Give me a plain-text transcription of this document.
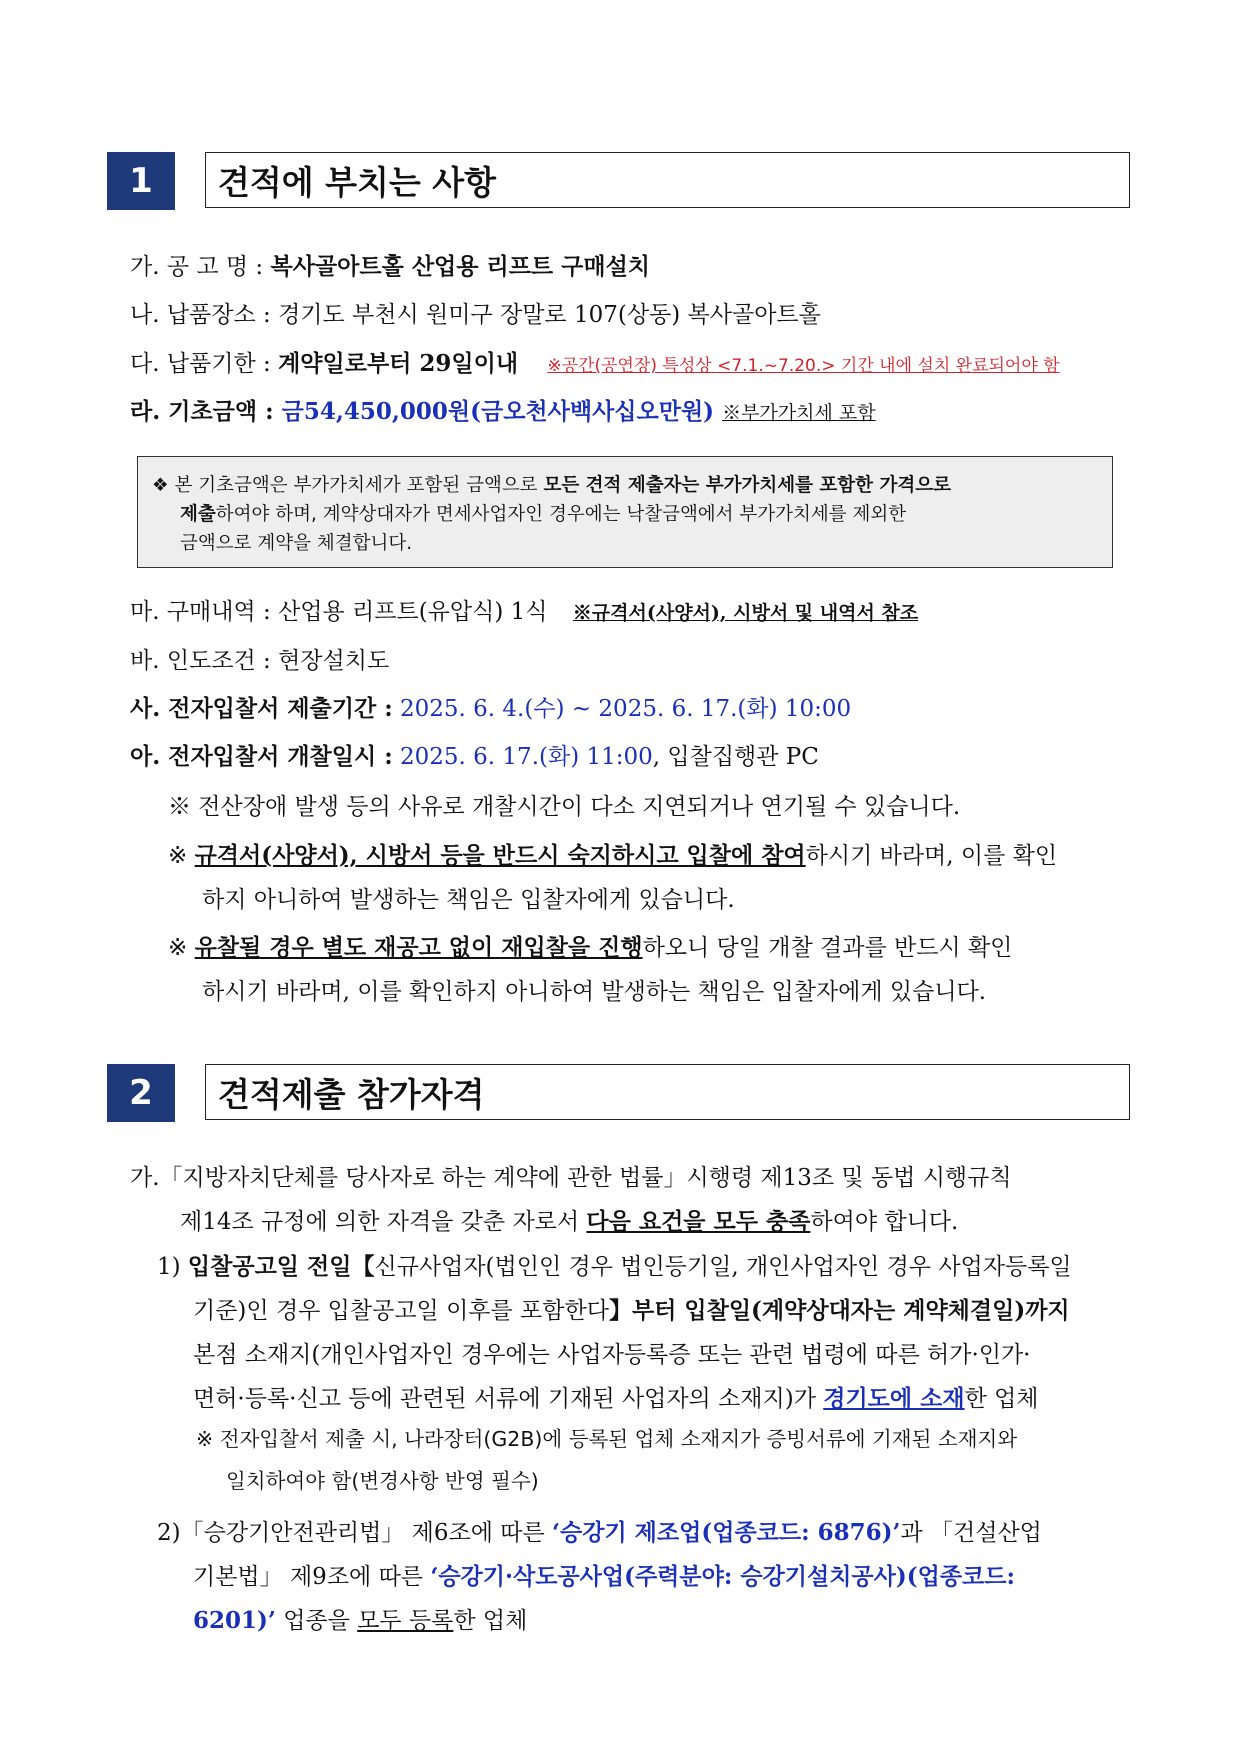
1	견적에 부치는 사항
가. 공 고 명 : 복사골아트홀 산업용 리프트 구매설치
나. 납품장소 : 경기도 부천시 원미구 장말로 107(상동) 복사골아트홀
다. 납품기한 : 계약일로부터 29일이내 ※공간(공연장) 특성상 <7.1.~7.20.> 기간 내에 설치 완료되어야 함
라. 기초금액 : 금54,450,000원(금오천사백사십오만원) ※부가가치세 포함
❖ 본 기초금액은 부가가치세가 포함된 금액으로 모든 견적 제출자는 부가가치세를 포함한 가격으로
제출하여야 하며, 계약상대자가 면세사업자인 경우에는 낙찰금액에서 부가가치세를 제외한
금액으로 계약을 체결합니다.
마. 구매내역 : 산업용 리프트(유압식) 1식 ※규격서(사양서), 시방서 및 내역서 참조
바. 인도조건 : 현장설치도
사. 전자입찰서 제출기간 : 2025. 6. 4.(수) ~ 2025. 6. 17.(화) 10:00
아. 전자입찰서 개찰일시 : 2025. 6. 17.(화) 11:00, 입찰집행관 PC
※ 전산장애 발생 등의 사유로 개찰시간이 다소 지연되거나 연기될 수 있습니다.
※ 규격서(사양서), 시방서 등을 반드시 숙지하시고 입찰에 참여하시기 바라며, 이를 확인
하지 아니하여 발생하는 책임은 입찰자에게 있습니다.
※ 유찰될 경우 별도 재공고 없이 재입찰을 진행하오니 당일 개찰 결과를 반드시 확인
하시기 바라며, 이를 확인하지 아니하여 발생하는 책임은 입찰자에게 있습니다.
2	견적제출 참가자격
가.「지방자치단체를 당사자로 하는 계약에 관한 법률」시행령 제13조 및 동법 시행규칙
제14조 규정에 의한 자격을 갖춘 자로서 다음 요건을 모두 충족하여야 합니다.
1) 입찰공고일 전일【신규사업자(법인인 경우 법인등기일, 개인사업자인 경우 사업자등록일
기준)인 경우 입찰공고일 이후를 포함한다】부터 입찰일(계약상대자는 계약체결일)까지
본점 소재지(개인사업자인 경우에는 사업자등록증 또는 관련 법령에 따른 허가·인가·
면허·등록·신고 등에 관련된 서류에 기재된 사업자의 소재지)가 경기도에 소재한 업체
※ 전자입찰서 제출 시, 나라장터(G2B)에 등록된 업체 소재지가 증빙서류에 기재된 소재지와
일치하여야 함(변경사항 반영 필수)
2)「승강기안전관리법」 제6조에 따른 ‘승강기 제조업(업종코드: 6876)’과 「건설산업
기본법」 제9조에 따른 ‘승강기·삭도공사업(주력분야: 승강기설치공사)(업종코드:
6201)’ 업종을 모두 등록한 업체
